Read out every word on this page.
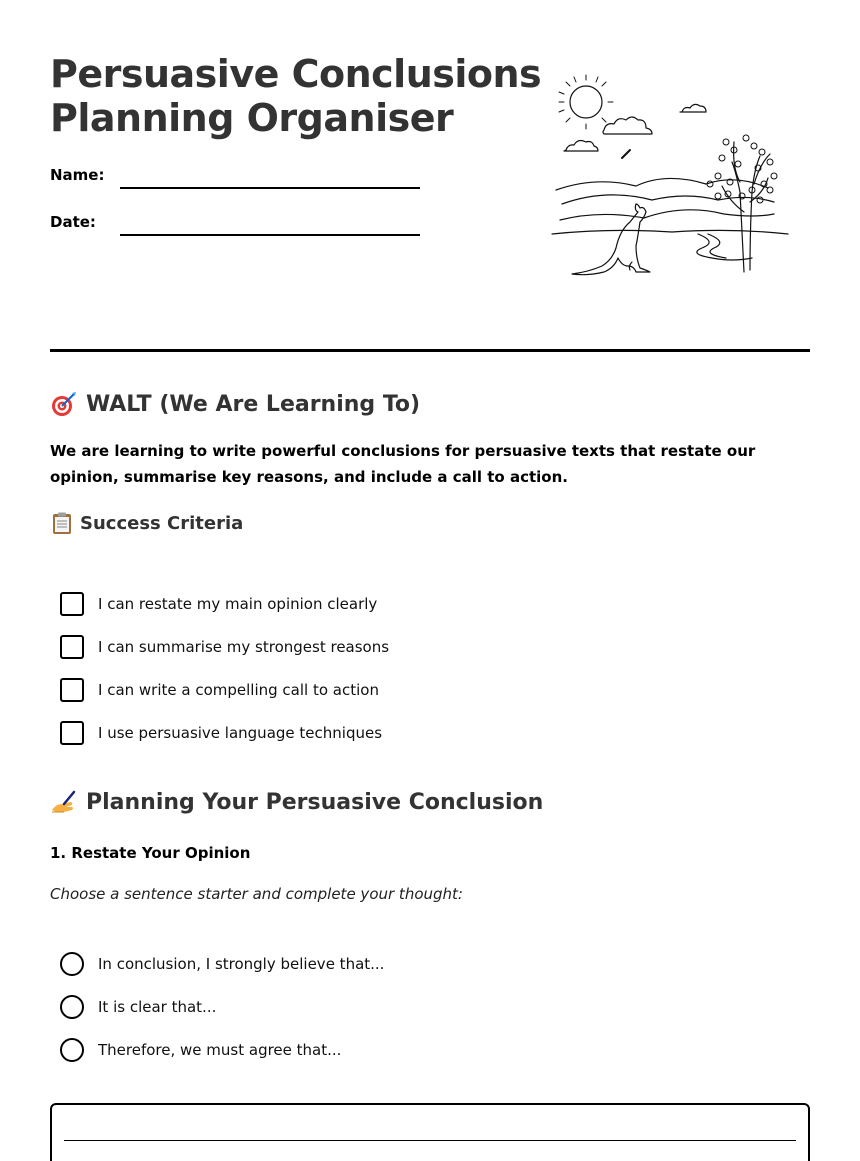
Persuasive Conclusions
Planning Organiser
Name:
Date:
WALT (We Are Learning To)

We are learning to write powerful conclusions for persuasive texts that restate our opinion, summarise key reasons, and include a call to action.

Success Criteria
I can restate my main opinion clearly
I can summarise my strongest reasons
I can write a compelling call to action
I use persuasive language techniques
Planning Your Persuasive Conclusion
1. Restate Your Opinion
Choose a sentence starter and complete your thought:
In conclusion, I strongly believe that...
It is clear that...
Therefore, we must agree that...
